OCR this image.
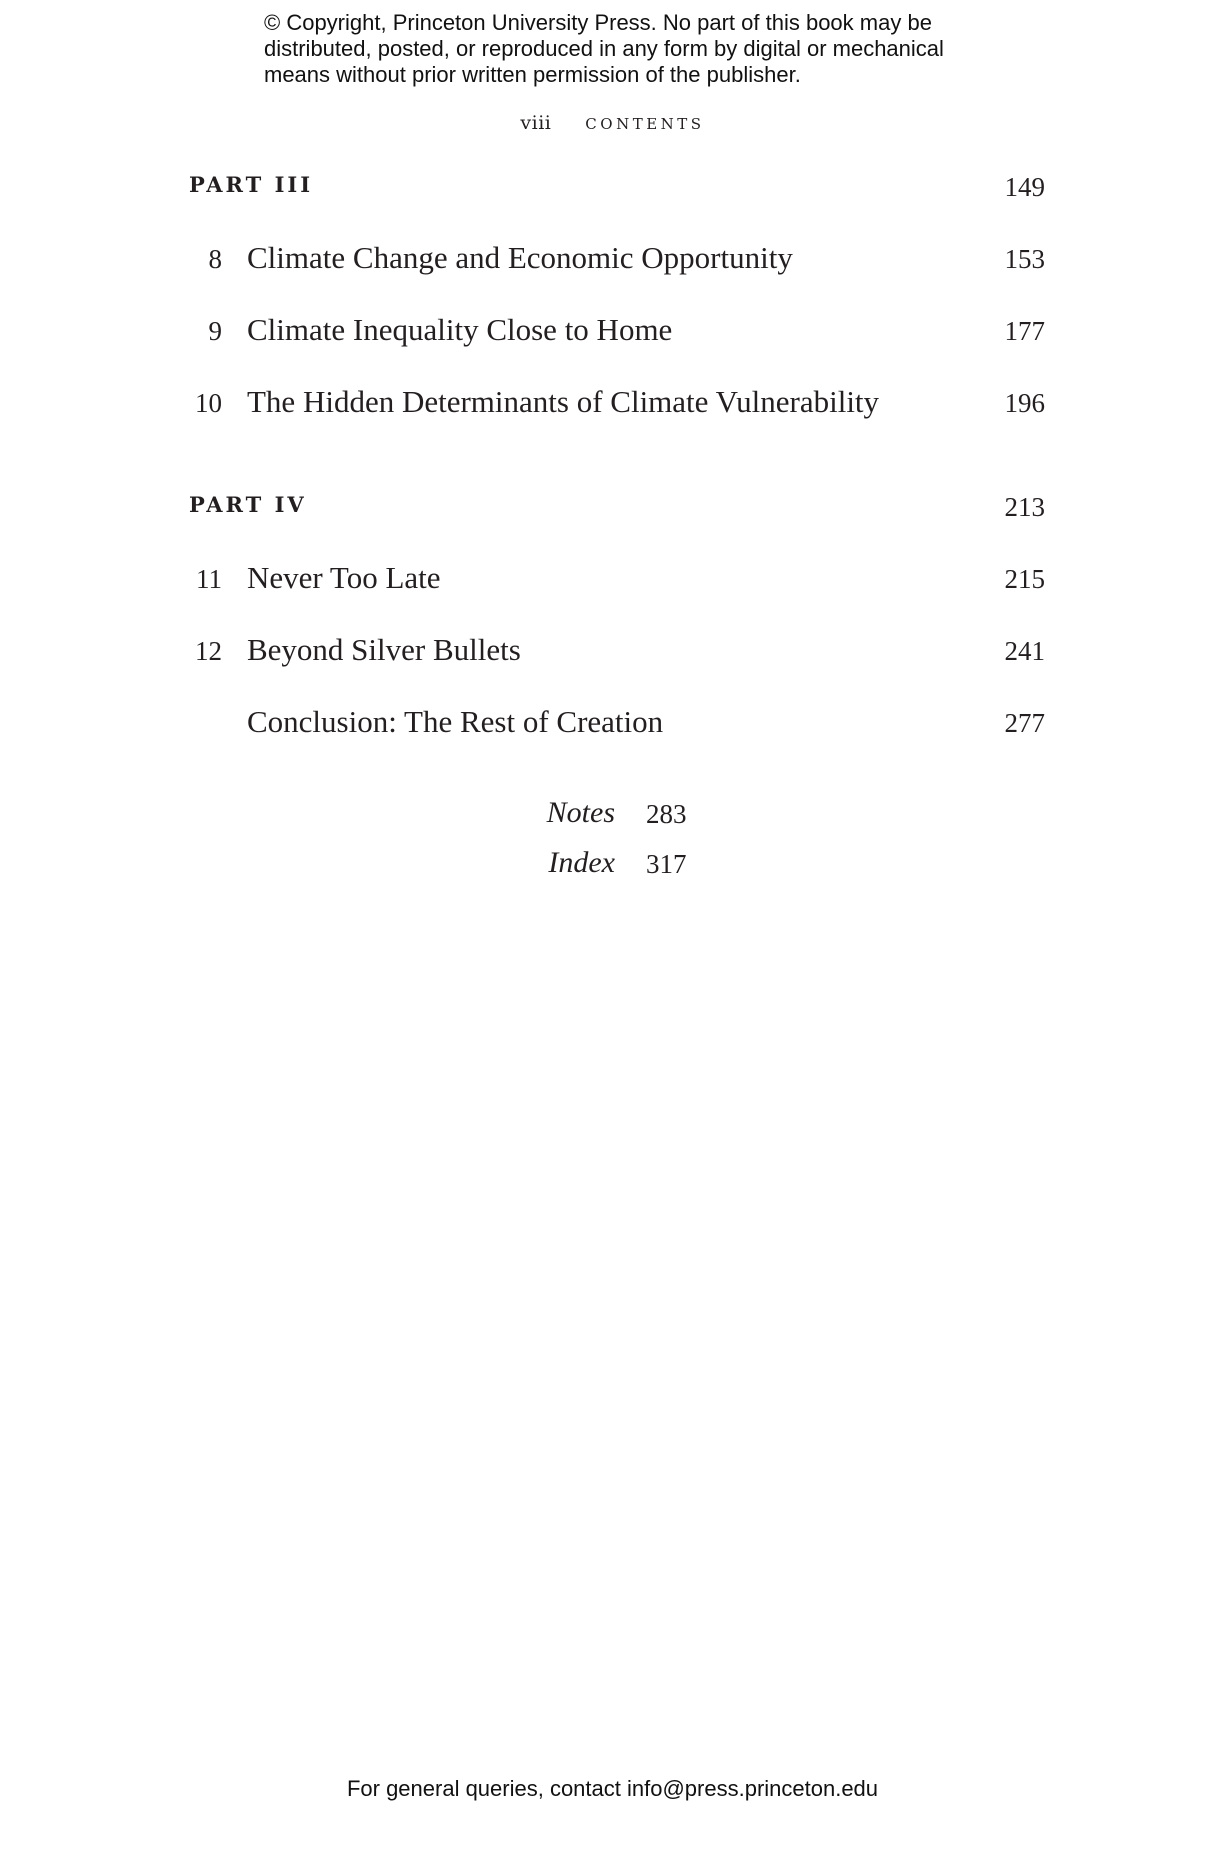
© Copyright, Princeton University Press. No part of this book may be
distributed, posted, or reproduced in any form by digital or mechanical
means without prior written permission of the publisher.
viii CONTENTS
PART III	149
8 Climate Change and Economic Opportunity	153
9 Climate Inequality Close to Home	177
10 The Hidden Determinants of Climate Vulnerability	196
PART IV	213
11 Never Too Late	215
12 Beyond Silver Bullets	241
Conclusion: The Rest of Creation	277
Notes 283
Index 317
For general queries, contact info@press.princeton.edu
